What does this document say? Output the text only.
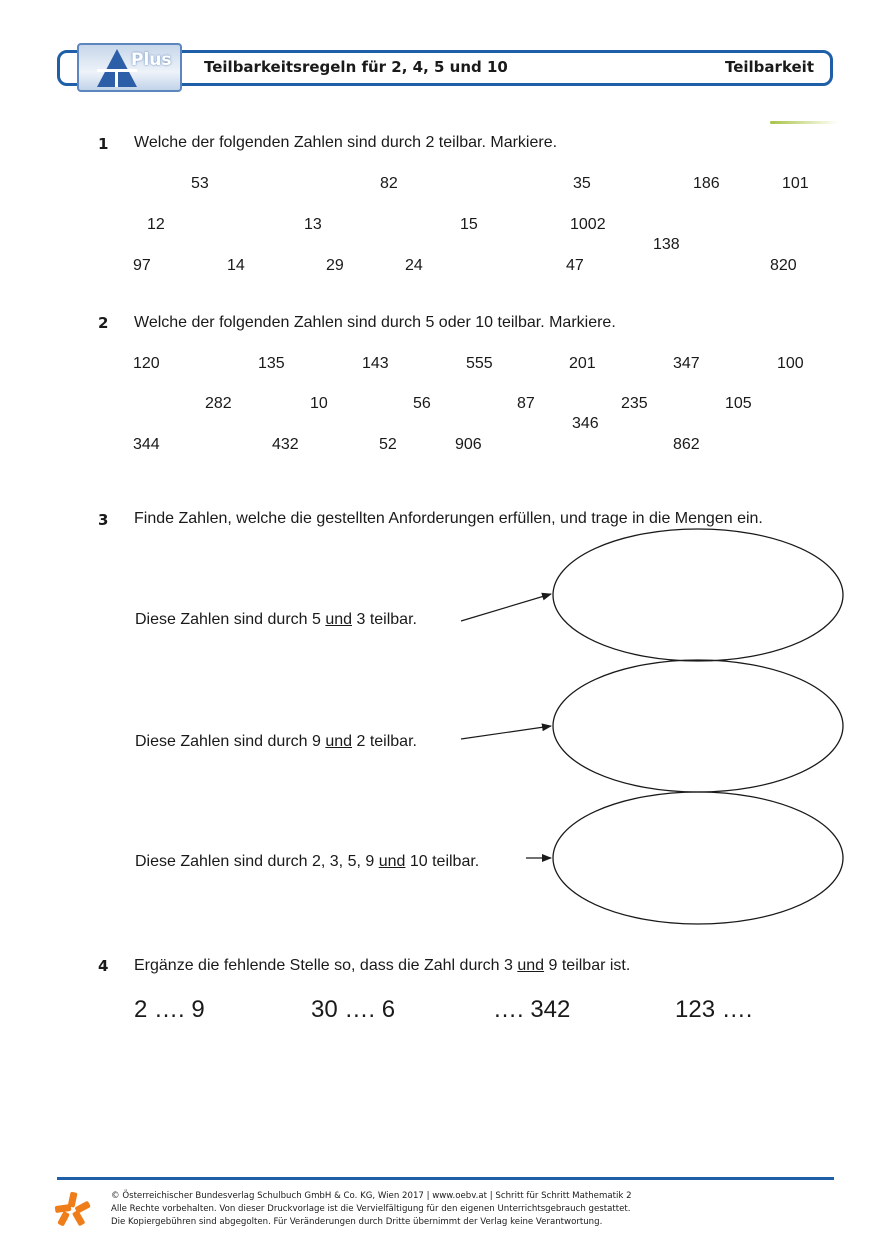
Plus Teilbarkeitsregeln für 2, 4, 5 und 10	Teilbarkeit
1 Welche der folgenden Zahlen sind durch 2 teilbar. Markiere.
53	82	35	186	101
12	13	15	1002
138
97	14	29	24	47	820
2 Welche der folgenden Zahlen sind durch 5 oder 10 teilbar. Markiere.
120	135	143	555	201	347	100
282	10	56	87	235	105
346
344	432	52	906	862
3 Finde Zahlen, welche die gestellten Anforderungen erfüllen, und trage in die Mengen ein.
Diese Zahlen sind durch 5 und 3 teilbar.
Diese Zahlen sind durch 9 und 2 teilbar.
Diese Zahlen sind durch 2, 3, 5, 9 und 10 teilbar.
4 Ergänze die fehlende Stelle so, dass die Zahl durch 3 und 9 teilbar ist.
2 …. 9	30 …. 6	…. 342	123 ….
© Österreichischer Bundesverlag Schulbuch GmbH & Co. KG, Wien 2017 | www.oebv.at | Schritt für Schritt Mathematik 2
Alle Rechte vorbehalten. Von dieser Druckvorlage ist die Vervielfältigung für den eigenen Unterrichtsgebrauch gestattet.
Die Kopiergebühren sind abgegolten. Für Veränderungen durch Dritte übernimmt der Verlag keine Verantwortung.
